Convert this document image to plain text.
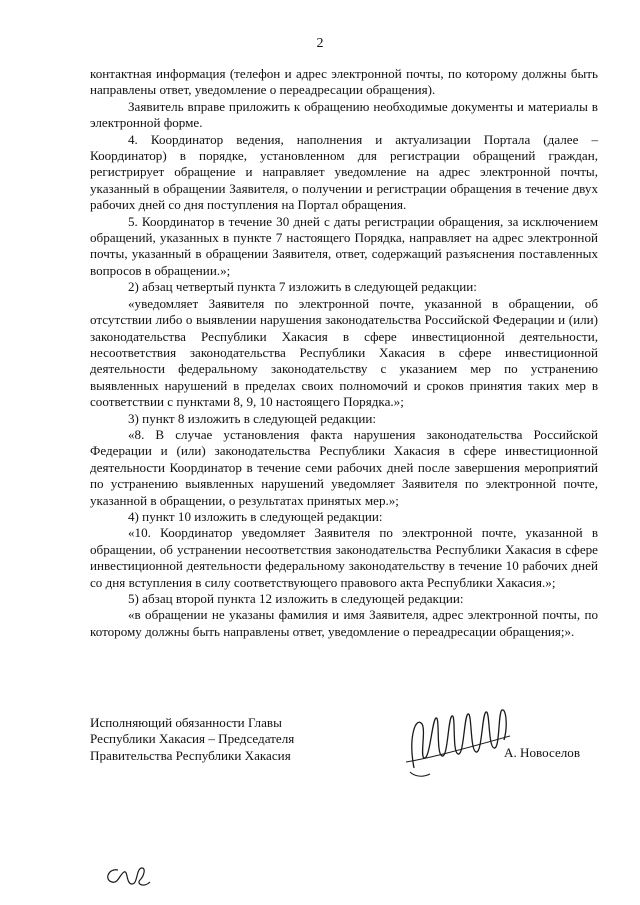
2

контактная информация (телефон и адрес электронной почты, по которому должны быть направлены ответ, уведомление о переадресации обращения).

Заявитель вправе приложить к обращению необходимые документы и материалы в электронной форме.

4. Координатор ведения, наполнения и актуализации Портала (далее – Координатор) в порядке, установленном для регистрации обращений граждан, регистрирует обращение и направляет уведомление на адрес электронной почты, указанный в обращении Заявителя, о получении и регистрации обращения в течение двух рабочих дней со дня поступления на Портал обращения.

5. Координатор в течение 30 дней с даты регистрации обращения, за исключением обращений, указанных в пункте 7 настоящего Порядка, направляет на адрес электронной почты, указанный в обращении Заявителя, ответ, содержащий разъяснения поставленных вопросов в обращении.»;

2) абзац четвертый пункта 7 изложить в следующей редакции:

«уведомляет Заявителя по электронной почте, указанной в обращении, об отсутствии либо о выявлении нарушения законодательства Российской Федерации и (или) законодательства Республики Хакасия в сфере инвестиционной деятельности, несоответствия законодательства Республики Хакасия в сфере инвестиционной деятельности федеральному законодательству с указанием мер по устранению выявленных нарушений в пределах своих полномочий и сроков принятия таких мер в соответствии с пунктами 8, 9, 10 настоящего Порядка.»;

3) пункт 8 изложить в следующей редакции:

«8. В случае установления факта нарушения законодательства Российской Федерации и (или) законодательства Республики Хакасия в сфере инвестиционной деятельности Координатор в течение семи рабочих дней после завершения мероприятий по устранению выявленных нарушений уведомляет Заявителя по электронной почте, указанной в обращении, о результатах принятых мер.»;

4) пункт 10 изложить в следующей редакции:

«10. Координатор уведомляет Заявителя по электронной почте, указанной в обращении, об устранении несоответствия законодательства Республики Хакасия в сфере инвестиционной деятельности федеральному законодательству в течение 10 рабочих дней со дня вступления в силу соответствующего правового акта Республики Хакасия.»;

5) абзац второй пункта 12 изложить в следующей редакции:

«в обращении не указаны фамилия и имя Заявителя, адрес электронной почты, по которому должны быть направлены ответ, уведомление о переадресации обращения;».

Исполняющий обязанности Главы
Республики Хакасия – Председателя
Правительства Республики Хакасия	А. Новоселов
